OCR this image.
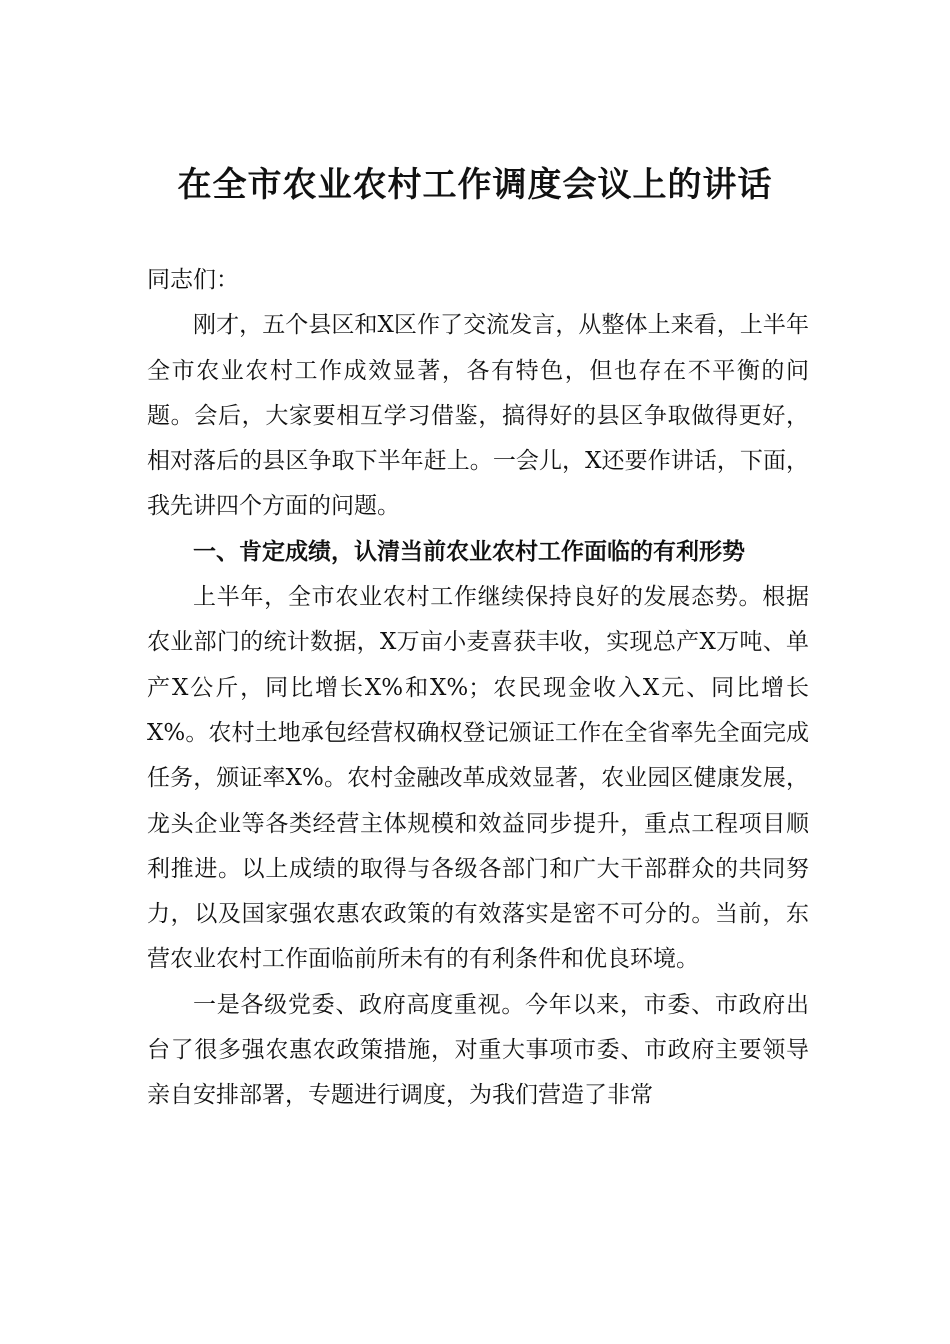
在全市农业农村工作调度会议上的讲话

同志们：

刚才，五个县区和X区作了交流发言，从整体上来看，上半年全市农业农村工作成效显著，各有特色，但也存在不平衡的问题。会后，大家要相互学习借鉴，搞得好的县区争取做得更好，相对落后的县区争取下半年赶上。一会儿，X还要作讲话，下面，我先讲四个方面的问题。

一、肯定成绩，认清当前农业农村工作面临的有利形势

上半年，全市农业农村工作继续保持良好的发展态势。根据农业部门的统计数据，X万亩小麦喜获丰收，实现总产X万吨、单产X公斤，同比增长X%和X%；农民现金收入X元、同比增长X%。农村土地承包经营权确权登记颁证工作在全省率先全面完成任务，颁证率X%。农村金融改革成效显著，农业园区健康发展，龙头企业等各类经营主体规模和效益同步提升，重点工程项目顺利推进。以上成绩的取得与各级各部门和广大干部群众的共同努力，以及国家强农惠农政策的有效落实是密不可分的。当前，东营农业农村工作面临前所未有的有利条件和优良环境。

一是各级党委、政府高度重视。今年以来，市委、市政府出台了很多强农惠农政策措施，对重大事项市委、市政府主要领导亲自安排部署，专题进行调度，为我们营造了非常
